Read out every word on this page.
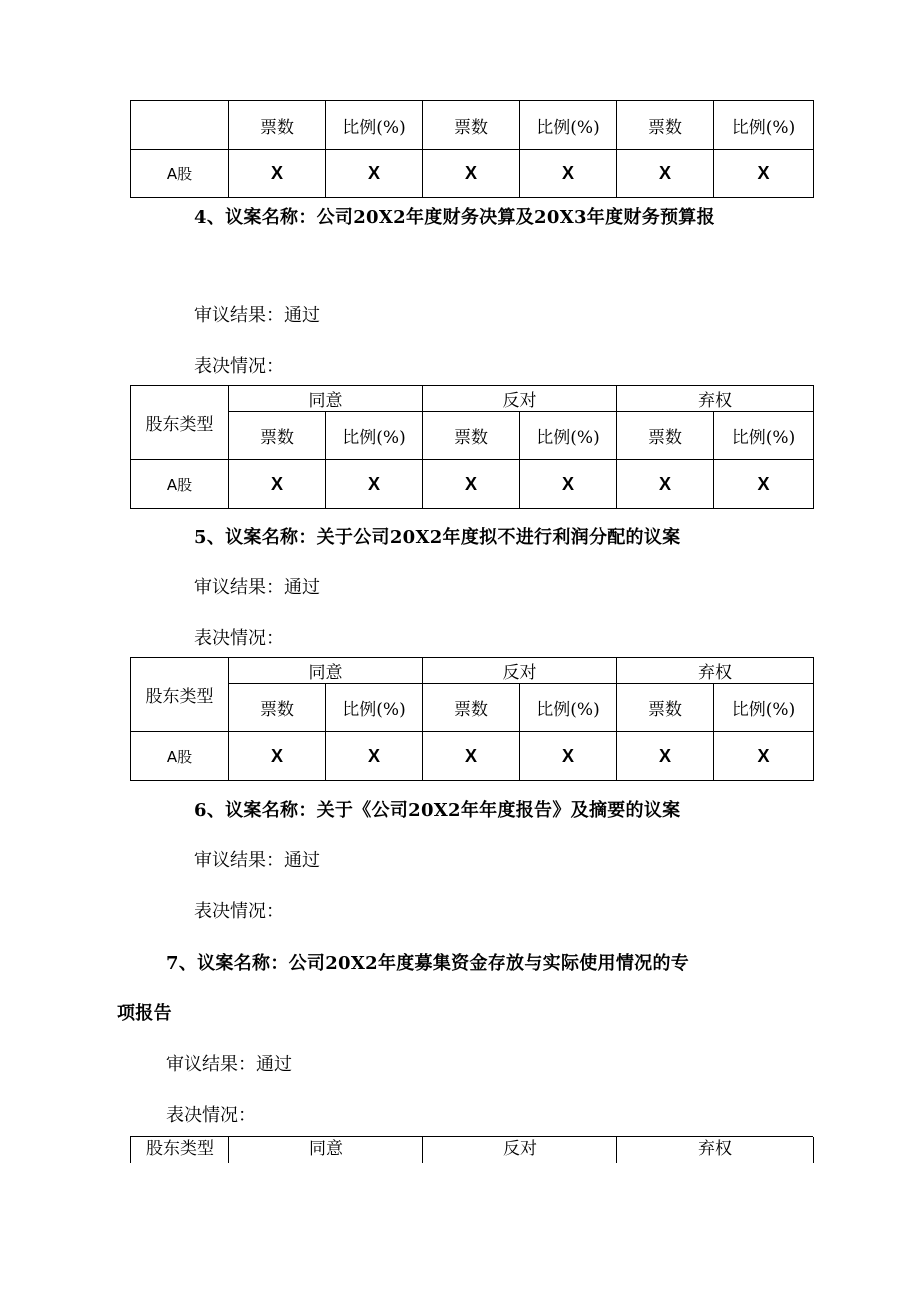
	票数	比例(%)	票数	比例(%)	票数	比例(%)
A股	X	X	X	X	X	X

4、议案名称：公司20X2年度财务决算及20X3年度财务预算报

审议结果：通过

表决情况：

股东类型	同意		反对		弃权	
	票数	比例(%)	票数	比例(%)	票数	比例(%)
A股	X	X	X	X	X	X

5、议案名称：关于公司20X2年度拟不进行利润分配的议案

审议结果：通过

表决情况：

股东类型	同意		反对		弃权	
	票数	比例(%)	票数	比例(%)	票数	比例(%)
A股	X	X	X	X	X	X

6、议案名称：关于《公司20X2年年度报告》及摘要的议案

审议结果：通过

表决情况：

7、议案名称：公司20X2年度募集资金存放与实际使用情况的专

项报告

审议结果：通过

表决情况：

股东类型	同意	反对	弃权
